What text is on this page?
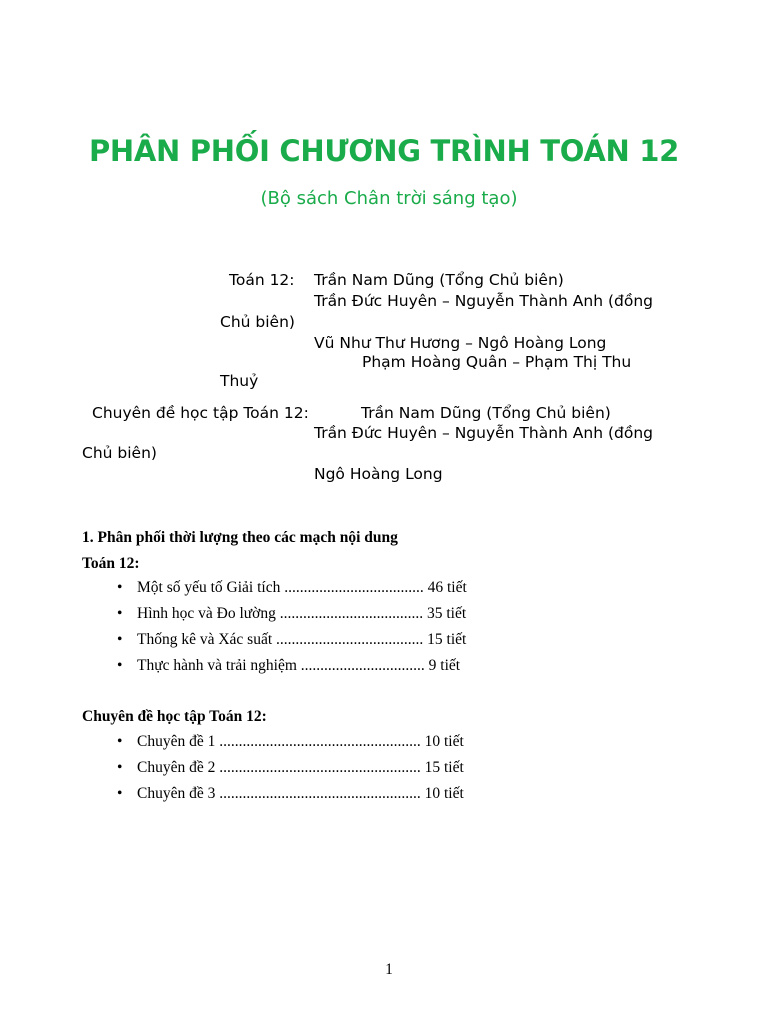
PHÂN PHỐI CHƯƠNG TRÌNH TOÁN 12
(Bộ sách Chân trời sáng tạo)
Toán 12: Trần Nam Dũng (Tổng Chủ biên)
Trần Đức Huyên – Nguyễn Thành Anh (đồng
Chủ biên)
Vũ Như Thư Hương – Ngô Hoàng Long
Phạm Hoàng Quân – Phạm Thị Thu
Thuỷ
Chuyên đề học tập Toán 12:	Trần Nam Dũng (Tổng Chủ biên)
Trần Đức Huyên – Nguyễn Thành Anh (đồng
Chủ biên)
Ngô Hoàng Long
1. Phân phối thời lượng theo các mạch nội dung
Toán 12:
• Một số yếu tố Giải tích .................................... 46 tiết
• Hình học và Đo lường ..................................... 35 tiết
• Thống kê và Xác suất ...................................... 15 tiết
• Thực hành và trải nghiệm ................................ 9 tiết
Chuyên đề học tập Toán 12:
• Chuyên đề 1 .................................................... 10 tiết
• Chuyên đề 2 .................................................... 15 tiết
• Chuyên đề 3 .................................................... 10 tiết
1
